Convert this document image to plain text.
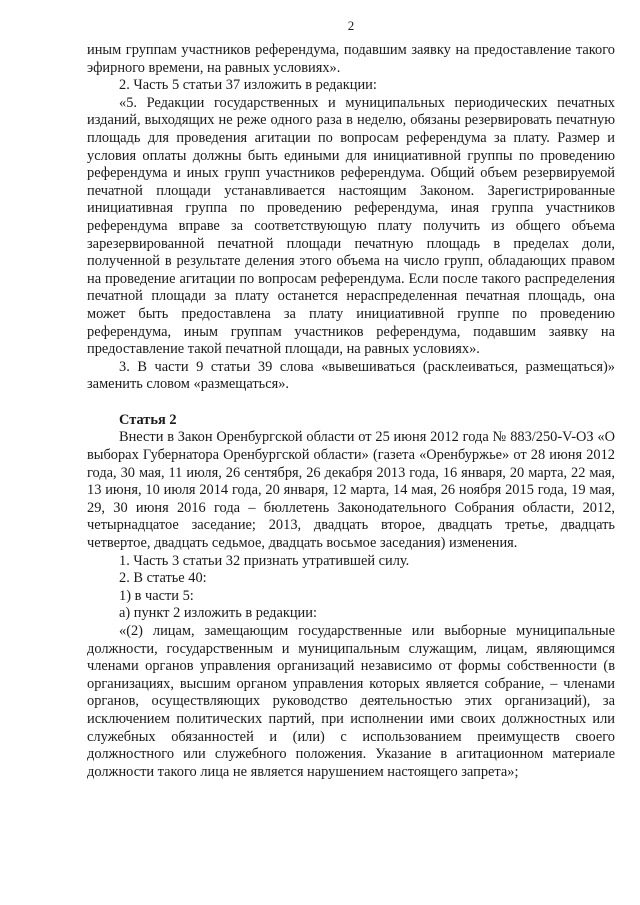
2

иным группам участников референдума, подавшим заявку на предоставление такого эфирного времени, на равных условиях».

2. Часть 5 статьи 37 изложить в редакции:

«5. Редакции государственных и муниципальных периодических печатных изданий, выходящих не реже одного раза в неделю, обязаны резервировать печатную площадь для проведения агитации по вопросам референдума за плату. Размер и условия оплаты должны быть едиными для инициативной группы по проведению референдума и иных групп участников референдума. Общий объем резервируемой печатной площади устанавливается настоящим Законом. Зарегистрированные инициативная группа по проведению референдума, иная группа участников референдума вправе за соответствующую плату получить из общего объема зарезервированной печатной площади печатную площадь в пределах доли, полученной в результате деления этого объема на число групп, обладающих правом на проведение агитации по вопросам референдума. Если после такого распределения печатной площади за плату останется нераспределенная печатная площадь, она может быть предоставлена за плату инициативной группе по проведению референдума, иным группам участников референдума, подавшим заявку на предоставление такой печатной площади, на равных условиях».

3. В части 9 статьи 39 слова «вывешиваться (расклеиваться, размещаться)» заменить словом «размещаться».

Статья 2

Внести в Закон Оренбургской области от 25 июня 2012 года № 883/250-V-ОЗ «О выборах Губернатора Оренбургской области» (газета «Оренбуржье» от 28 июня 2012 года, 30 мая, 11 июля, 26 сентября, 26 декабря 2013 года, 16 января, 20 марта, 22 мая, 13 июня, 10 июля 2014 года, 20 января, 12 марта, 14 мая, 26 ноября 2015 года, 19 мая, 29, 30 июня 2016 года – бюллетень Законодательного Собрания области, 2012, четырнадцатое заседание; 2013, двадцать второе, двадцать третье, двадцать четвертое, двадцать седьмое, двадцать восьмое заседания) изменения.

1. Часть 3 статьи 32 признать утратившей силу.

2. В статье 40:

1) в части 5:

а) пункт 2 изложить в редакции:

«(2) лицам, замещающим государственные или выборные муниципальные должности, государственным и муниципальным служащим, лицам, являющимся членами органов управления организаций независимо от формы собственности (в организациях, высшим органом управления которых является собрание, – членами органов, осуществляющих руководство деятельностью этих организаций), за исключением политических партий, при исполнении ими своих должностных или служебных обязанностей и (или) с использованием преимуществ своего должностного или служебного положения. Указание в агитационном материале должности такого лица не является нарушением настоящего запрета»;
